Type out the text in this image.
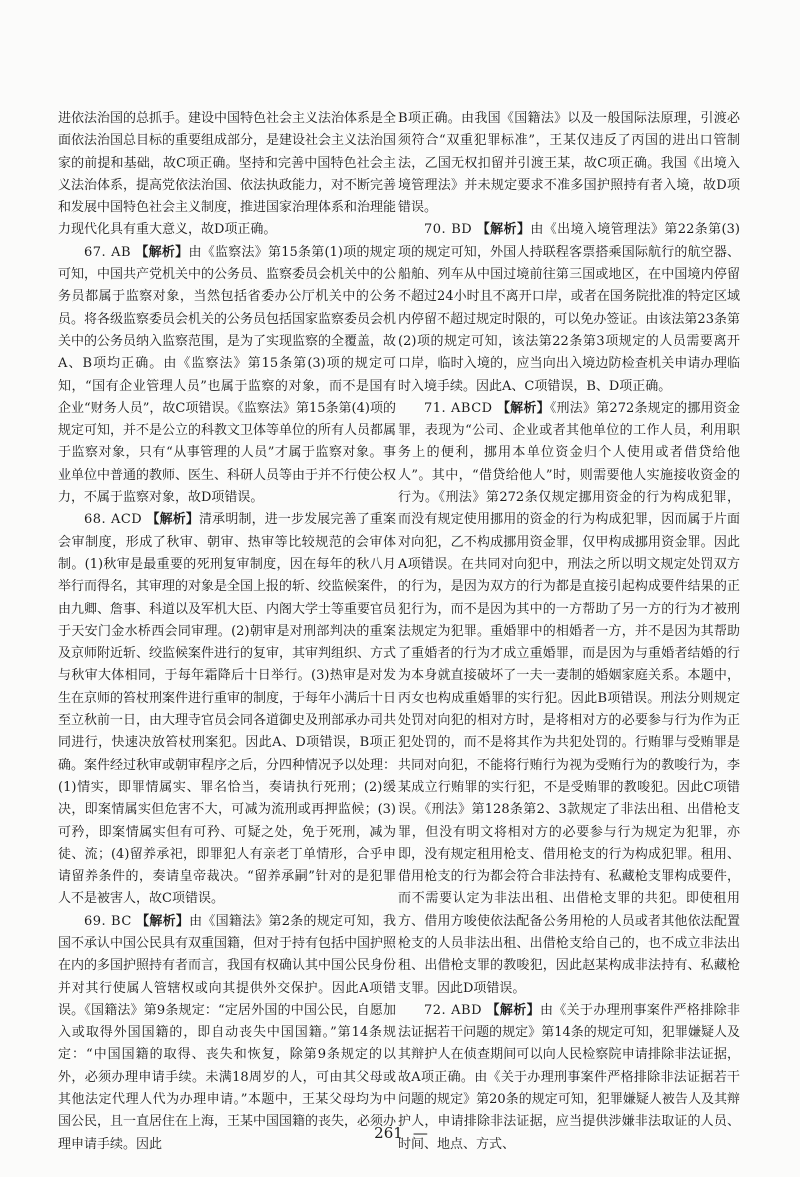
进依法治国的总抓手。建设中国特色社会主义法治体系是全面依法治国总目标的重要组成部分，是建设社会主义法治国家的前提和基础，故C项正确。坚持和完善中国特色社会主义法治体系，提高党依法治国、依法执政能力，对不断完善和发展中国特色社会主义制度，推进国家治理体系和治理能力现代化具有重大意义，故D项正确。

67. AB 【解析】由《监察法》第15条第(1)项的规定可知，中国共产党机关中的公务员、监察委员会机关中的公务员都属于监察对象，当然包括省委办公厅机关中的公务员。将各级监察委员会机关的公务员包括国家监察委员会机关中的公务员纳入监察范围，是为了实现监察的全覆盖，故A、B项均正确。由《监察法》第15条第(3)项的规定可知，“国有企业管理人员”也属于监察的对象，而不是国有企业“财务人员”，故C项错误。《监察法》第15条第(4)项的规定可知，并不是公立的科教文卫体等单位的所有人员都属于监察对象，只有“从事管理的人员”才属于监察对象。事业单位中普通的教师、医生、科研人员等由于并不行使公权力，不属于监察对象，故D项错误。

68. ACD 【解析】清承明制，进一步发展完善了重案会审制度，形成了秋审、朝审、热审等比较规范的会审体制。(1)秋审是最重要的死刑复审制度，因在每年的秋八月举行而得名，其审理的对象是全国上报的斩、绞监候案件，由九卿、詹事、科道以及军机大臣、内阁大学士等重要官员于天安门金水桥西会同审理。(2)朝审是对刑部判决的重案及京师附近斩、绞监候案件进行的复审，其审判组织、方式与秋审大体相同，于每年霜降后十日举行。(3)热审是对发生在京师的笞杖刑案件进行重审的制度，于每年小满后十日至立秋前一日，由大理寺官员会同各道御史及刑部承办司共同进行，快速决放笞杖刑案犯。因此A、D项错误，B项正确。案件经过秋审或朝审程序之后，分四种情况予以处理：(1)情实，即罪情属实、罪名恰当，奏请执行死刑；(2)缓决，即案情属实但危害不大，可减为流刑或再押监候；(3)可矜，即案情属实但有可矜、可疑之处，免于死刑，减为徒、流；(4)留养承祀，即罪犯人有亲老丁单情形，合乎申请留养条件的，奏请皇帝裁决。“留养承嗣”针对的是犯罪人不是被害人，故C项错误。

69. BC 【解析】由《国籍法》第2条的规定可知，我国不承认中国公民具有双重国籍，但对于持有包括中国护照在内的多国护照持有者而言，我国有权确认其中国公民身份并对其行使属人管辖权或向其提供外交保护。因此A项错误。《国籍法》第9条规定：“定居外国的中国公民，自愿加入或取得外国国籍的，即自动丧失中国国籍。”第14条规定：“中国国籍的取得、丧失和恢复，除第9条规定的以外，必须办理申请手续。未满18周岁的人，可由其父母或其他法定代理人代为办理申请。”本题中，王某父母均为中国公民，且一直居住在上海，王某中国国籍的丧失，必须办理申请手续。因此

B项正确。由我国《国籍法》以及一般国际法原理，引渡必须符合“双重犯罪标准”，王某仅违反了丙国的进出口管制法，乙国无权扣留并引渡王某，故C项正确。我国《出境入境管理法》并未规定要求不准多国护照持有者入境，故D项错误。

70. BD 【解析】由《出境入境管理法》第22条第(3)项的规定可知，外国人持联程客票搭乘国际航行的航空器、船舶、列车从中国过境前往第三国或地区，在中国境内停留不超过24小时且不离开口岸，或者在国务院批准的特定区域内停留不超过规定时限的，可以免办签证。由该法第23条第(2)项的规定可知，该法第22条第3项规定的人员需要离开口岸，临时入境的，应当向出入境边防检查机关申请办理临时入境手续。因此A、C项错误，B、D项正确。

71. ABCD 【解析】《刑法》第272条规定的挪用资金罪，表现为“公司、企业或者其他单位的工作人员，利用职务上的便利，挪用本单位资金归个人使用或者借贷给他人”。其中，“借贷给他人”时，则需要他人实施接收资金的行为。《刑法》第272条仅规定挪用资金的行为构成犯罪，而没有规定使用挪用的资金的行为构成犯罪，因而属于片面对向犯，乙不构成挪用资金罪，仅甲构成挪用资金罪。因此A项错误。在共同对向犯中，刑法之所以明文规定处罚双方的行为，是因为双方的行为都是直接引起构成要件结果的正犯行为，而不是因为其中的一方帮助了另一方的行为才被刑法规定为犯罪。重婚罪中的相婚者一方，并不是因为其帮助了重婚者的行为才成立重婚罪，而是因为与重婚者结婚的行为本身就直接破坏了一夫一妻制的婚姻家庭关系。本题中，丙女也构成重婚罪的实行犯。因此B项错误。刑法分则规定处罚对向犯的相对方时，是将相对方的必要参与行为作为正犯处罚的，而不是将其作为共犯处罚的。行贿罪与受贿罪是共同对向犯，不能将行贿行为视为受贿行为的教唆行为，李某成立行贿罪的实行犯，不是受贿罪的教唆犯。因此C项错误。《刑法》第128条第2、3款规定了非法出租、出借枪支罪，但没有明文将相对方的必要参与行为规定为犯罪，亦即，没有规定租用枪支、借用枪支的行为构成犯罪。租用、借用枪支的行为都会符合非法持有、私藏枪支罪构成要件，而不需要认定为非法出租、出借枪支罪的共犯。即使租用方、借用方唆使依法配备公务用枪的人员或者其他依法配置枪支的人员非法出租、出借枪支给自己的，也不成立非法出租、出借枪支罪的教唆犯，因此赵某构成非法持有、私藏枪支罪。因此D项错误。

72. ABD 【解析】由《关于办理刑事案件严格排除非法证据若干问题的规定》第14条的规定可知，犯罪嫌疑人及其辩护人在侦查期间可以向人民检察院申请排除非法证据，故A项正确。由《关于办理刑事案件严格排除非法证据若干问题的规定》第20条的规定可知，犯罪嫌疑人被告人及其辩护人，申请排除非法证据，应当提供涉嫌非法取证的人员、时间、地点、方式、

261 —
